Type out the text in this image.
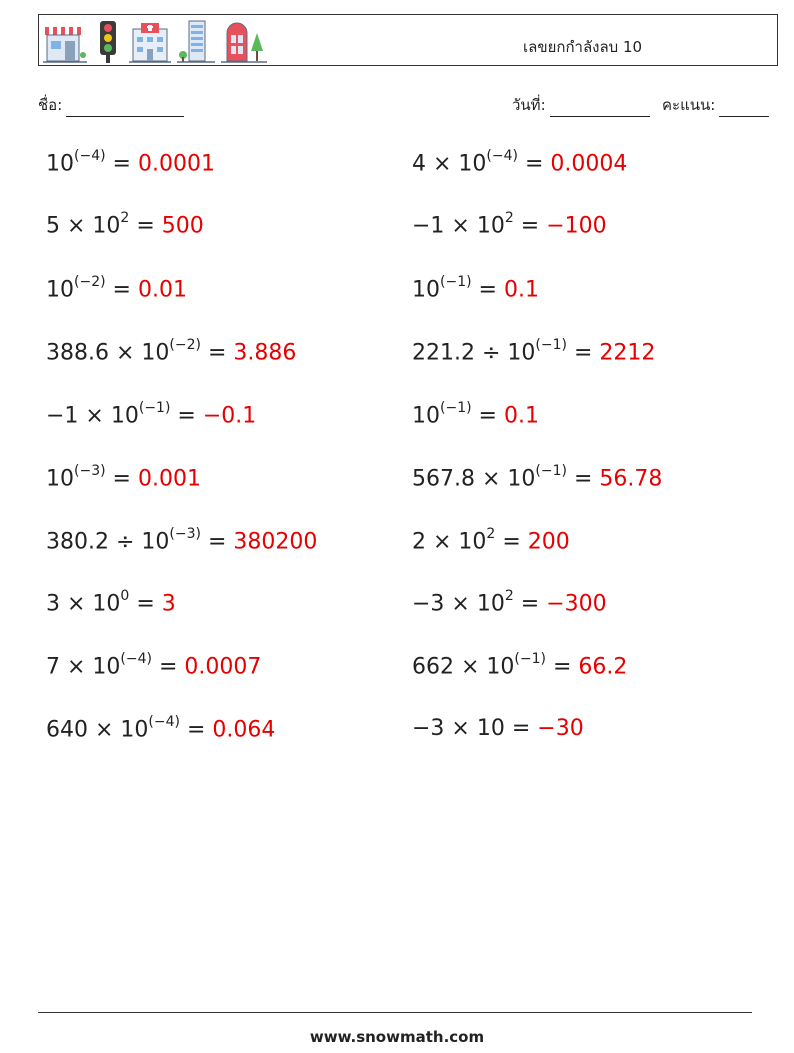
เลขยกกำลังลบ 10
ชื่อ:	วันที่:	คะแนน:
$10^{(-4)} = 0.0001$	$4 \times 10^{(-4)} = 0.0004$
$5 \times 10^2 = 500$	$-1 \times 10^2 = -100$
$10^{(-2)} = 0.01$	$10^{(-1)} = 0.1$
$388.6 \times 10^{(-2)} = 3.886$	$221.2 \div 10^{(-1)} = 2212$
$-1 \times 10^{(-1)} = -0.1$	$10^{(-1)} = 0.1$
$10^{(-3)} = 0.001$	$567.8 \times 10^{(-1)} = 56.78$
$380.2 \div 10^{(-3)} = 380200$	$2 \times 10^2 = 200$
$3 \times 10^0 = 3$	$-3 \times 10^2 = -300$
$7 \times 10^{(-4)} = 0.0007$	$662 \times 10^{(-1)} = 66.2$
$640 \times 10^{(-4)} = 0.064$	−3 × 10 = −30
www.snowmath.com
